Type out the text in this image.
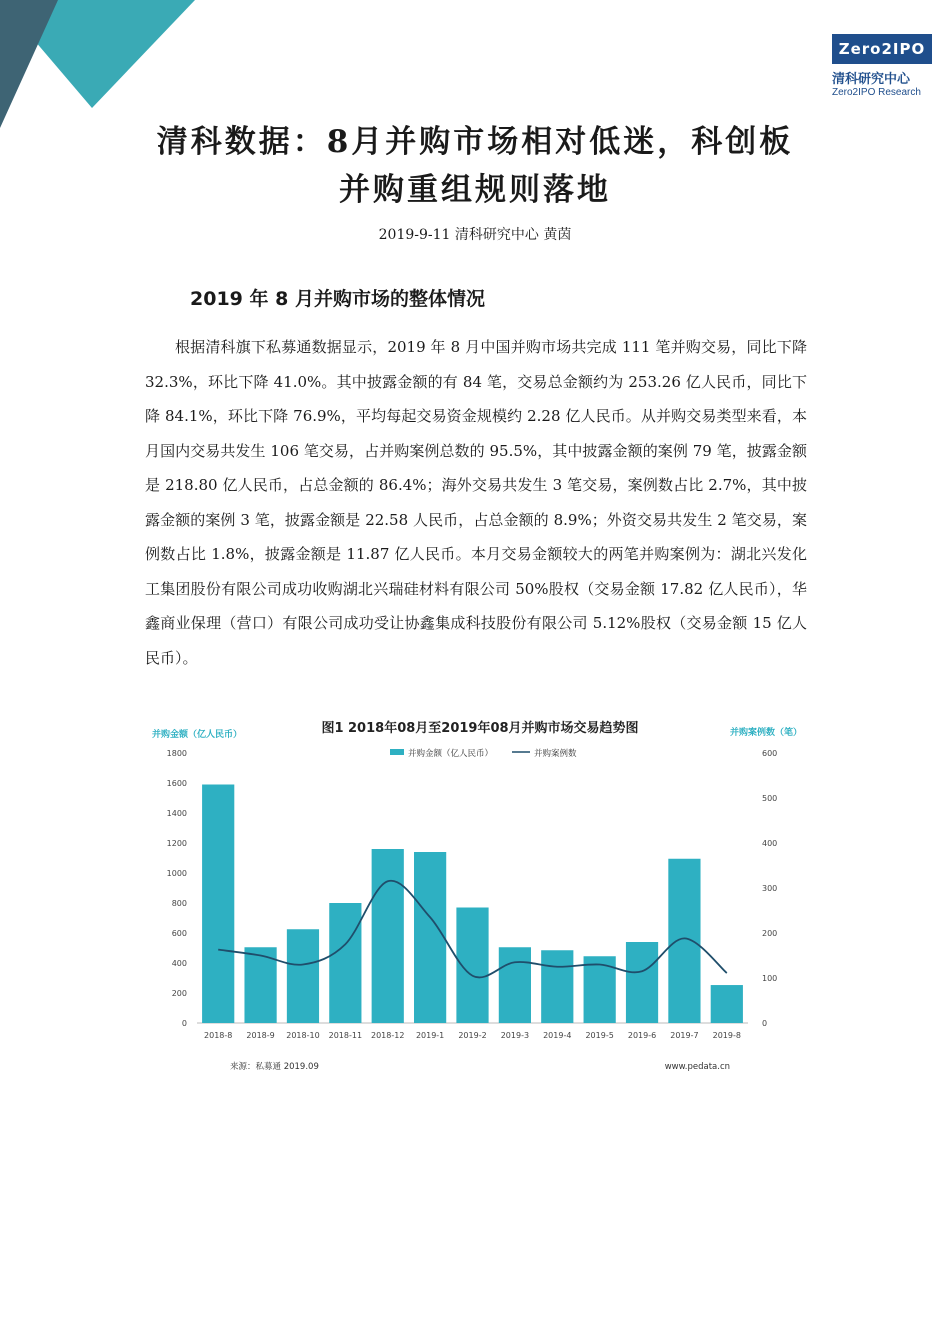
Zero2IPO
清科研究中心
Zero2IPO Research
清科数据：8月并购市场相对低迷，科创板并购重组规则落地
2019-9-11 清科研究中心 黄茵
2019 年 8 月并购市场的整体情况

根据清科旗下私募通数据显示，2019 年 8 月中国并购市场共完成 111 笔并购交易，同比下降 32.3%，环比下降 41.0%。其中披露金额的有 84 笔，交易总金额约为 253.26 亿人民币，同比下降 84.1%，环比下降 76.9%，平均每起交易资金规模约 2.28 亿人民币。从并购交易类型来看，本月国内交易共发生 106 笔交易，占并购案例总数的 95.5%，其中披露金额的案例 79 笔，披露金额是 218.80 亿人民币，占总金额的 86.4%；海外交易共发生 3 笔交易，案例数占比 2.7%，其中披露金额的案例 3 笔，披露金额是 22.58 人民币，占总金额的 8.9%；外资交易共发生 2 笔交易，案例数占比 1.8%，披露金额是 11.87 亿人民币。本月交易金额较大的两笔并购案例为：湖北兴发化工集团股份有限公司成功收购湖北兴瑞硅材料有限公司 50%股权（交易金额 17.82 亿人民币），华鑫商业保理（营口）有限公司成功受让协鑫集成科技股份有限公司 5.12%股权（交易金额 15 亿人民币）。

图1 2018年08月至2019年08月并购市场交易趋势图
并购金额（亿人民币）	并购案例数（笔）
并购金额（亿人民币）	并购案例数
0
200
400
600
800
1000
1200
1400
1600
1800
0
100
200
300
400
500
600
2018-8 2018-9 2018-10 2018-11 2018-12 2019-1 2019-2 2019-3 2019-4 2019-5 2019-6 2019-7 2019-8
来源：私募通 2019.09	www.pedata.cn
